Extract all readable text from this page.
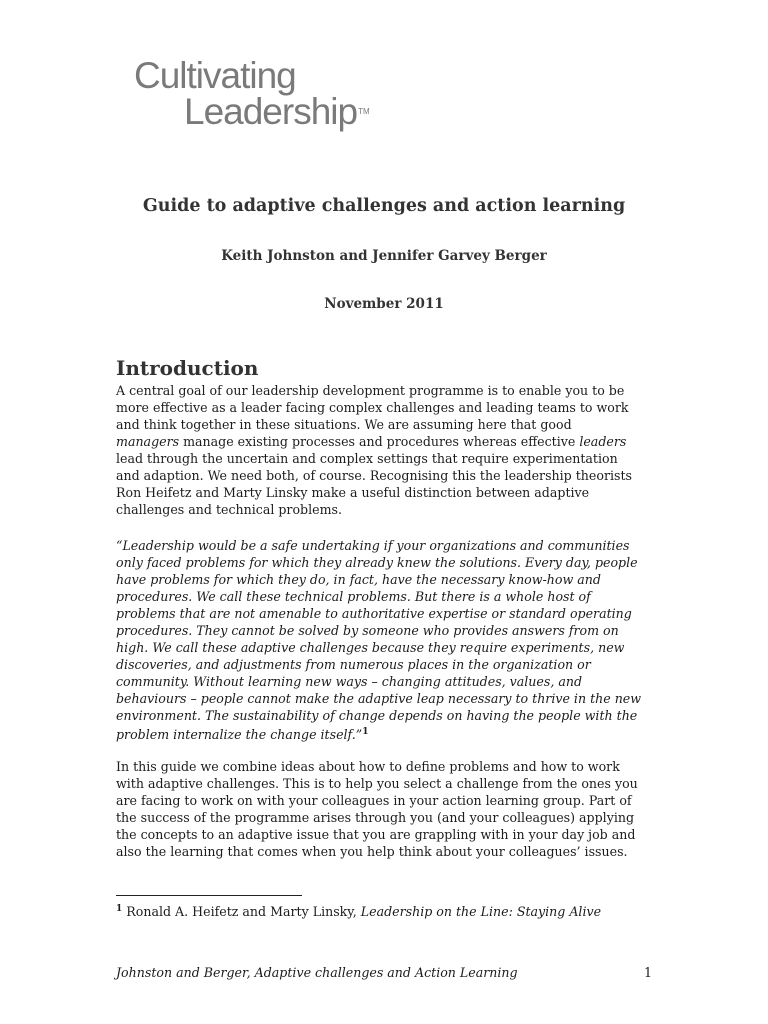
Cultivating
Leadership™
Guide to adaptive challenges and action learning
Keith Johnston and Jennifer Garvey Berger
November 2011
Introduction
A central goal of our leadership development programme is to enable you to be
more effective as a leader facing complex challenges and leading teams to work
and think together in these situations. We are assuming here that good
managers manage existing processes and procedures whereas effective leaders
lead through the uncertain and complex settings that require experimentation
and adaption. We need both, of course. Recognising this the leadership theorists
Ron Heifetz and Marty Linsky make a useful distinction between adaptive
challenges and technical problems.
“Leadership would be a safe undertaking if your organizations and communities
only faced problems for which they already knew the solutions. Every day, people
have problems for which they do, in fact, have the necessary know-how and
procedures. We call these technical problems. But there is a whole host of
problems that are not amenable to authoritative expertise or standard operating
procedures. They cannot be solved by someone who provides answers from on
high. We call these adaptive challenges because they require experiments, new
discoveries, and adjustments from numerous places in the organization or
community. Without learning new ways – changing attitudes, values, and
behaviours – people cannot make the adaptive leap necessary to thrive in the new
environment. The sustainability of change depends on having the people with the
problem internalize the change itself.”$^1$
In this guide we combine ideas about how to define problems and how to work
with adaptive challenges. This is to help you select a challenge from the ones you
are facing to work on with your colleagues in your action learning group. Part of
the success of the programme arises through you (and your colleagues) applying
the concepts to an adaptive issue that you are grappling with in your day job and
also the learning that comes when you help think about your colleagues’ issues.
$^1$ Ronald A. Heifetz and Marty Linsky, Leadership on the Line: Staying Alive
Johnston and Berger, Adaptive challenges and Action Learning	1
